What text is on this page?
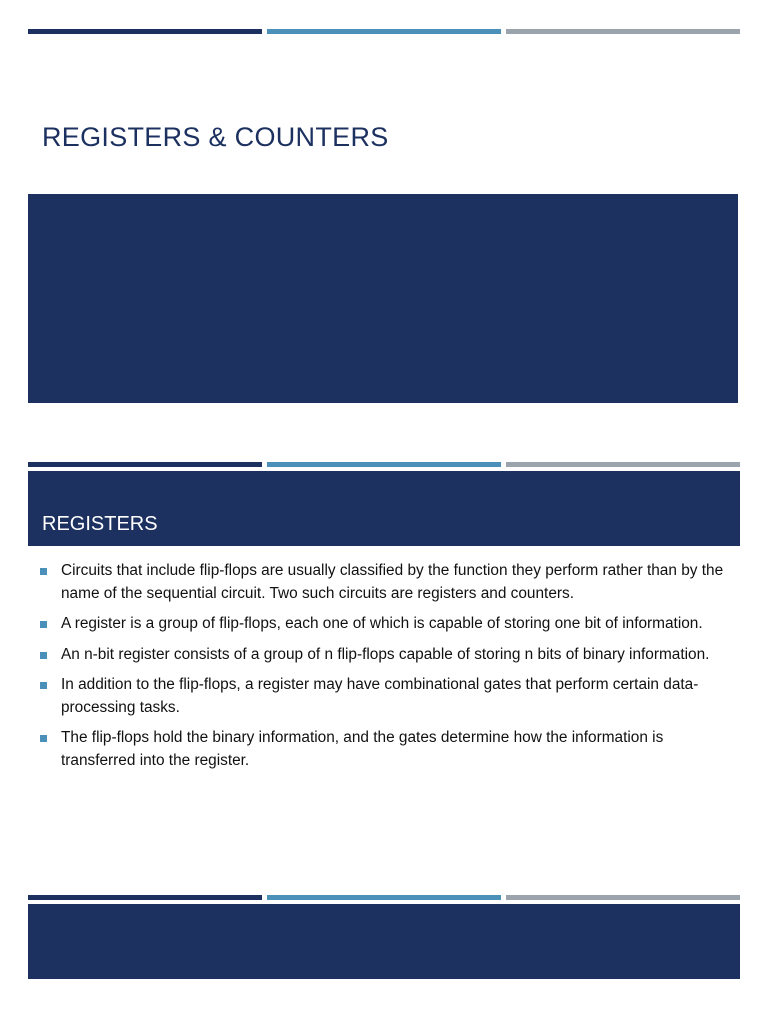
REGISTERS & COUNTERS
REGISTERS
Circuits that include flip-flops are usually classified by the function they perform rather than by the name of the sequential circuit. Two such circuits are registers and counters.
A register is a group of flip-flops, each one of which is capable of storing one bit of information.
An n-bit register consists of a group of n flip-flops capable of storing n bits of binary information.
In addition to the flip-flops, a register may have combinational gates that perform certain data-processing tasks.
The flip-flops hold the binary information, and the gates determine how the information is transferred into the register.
